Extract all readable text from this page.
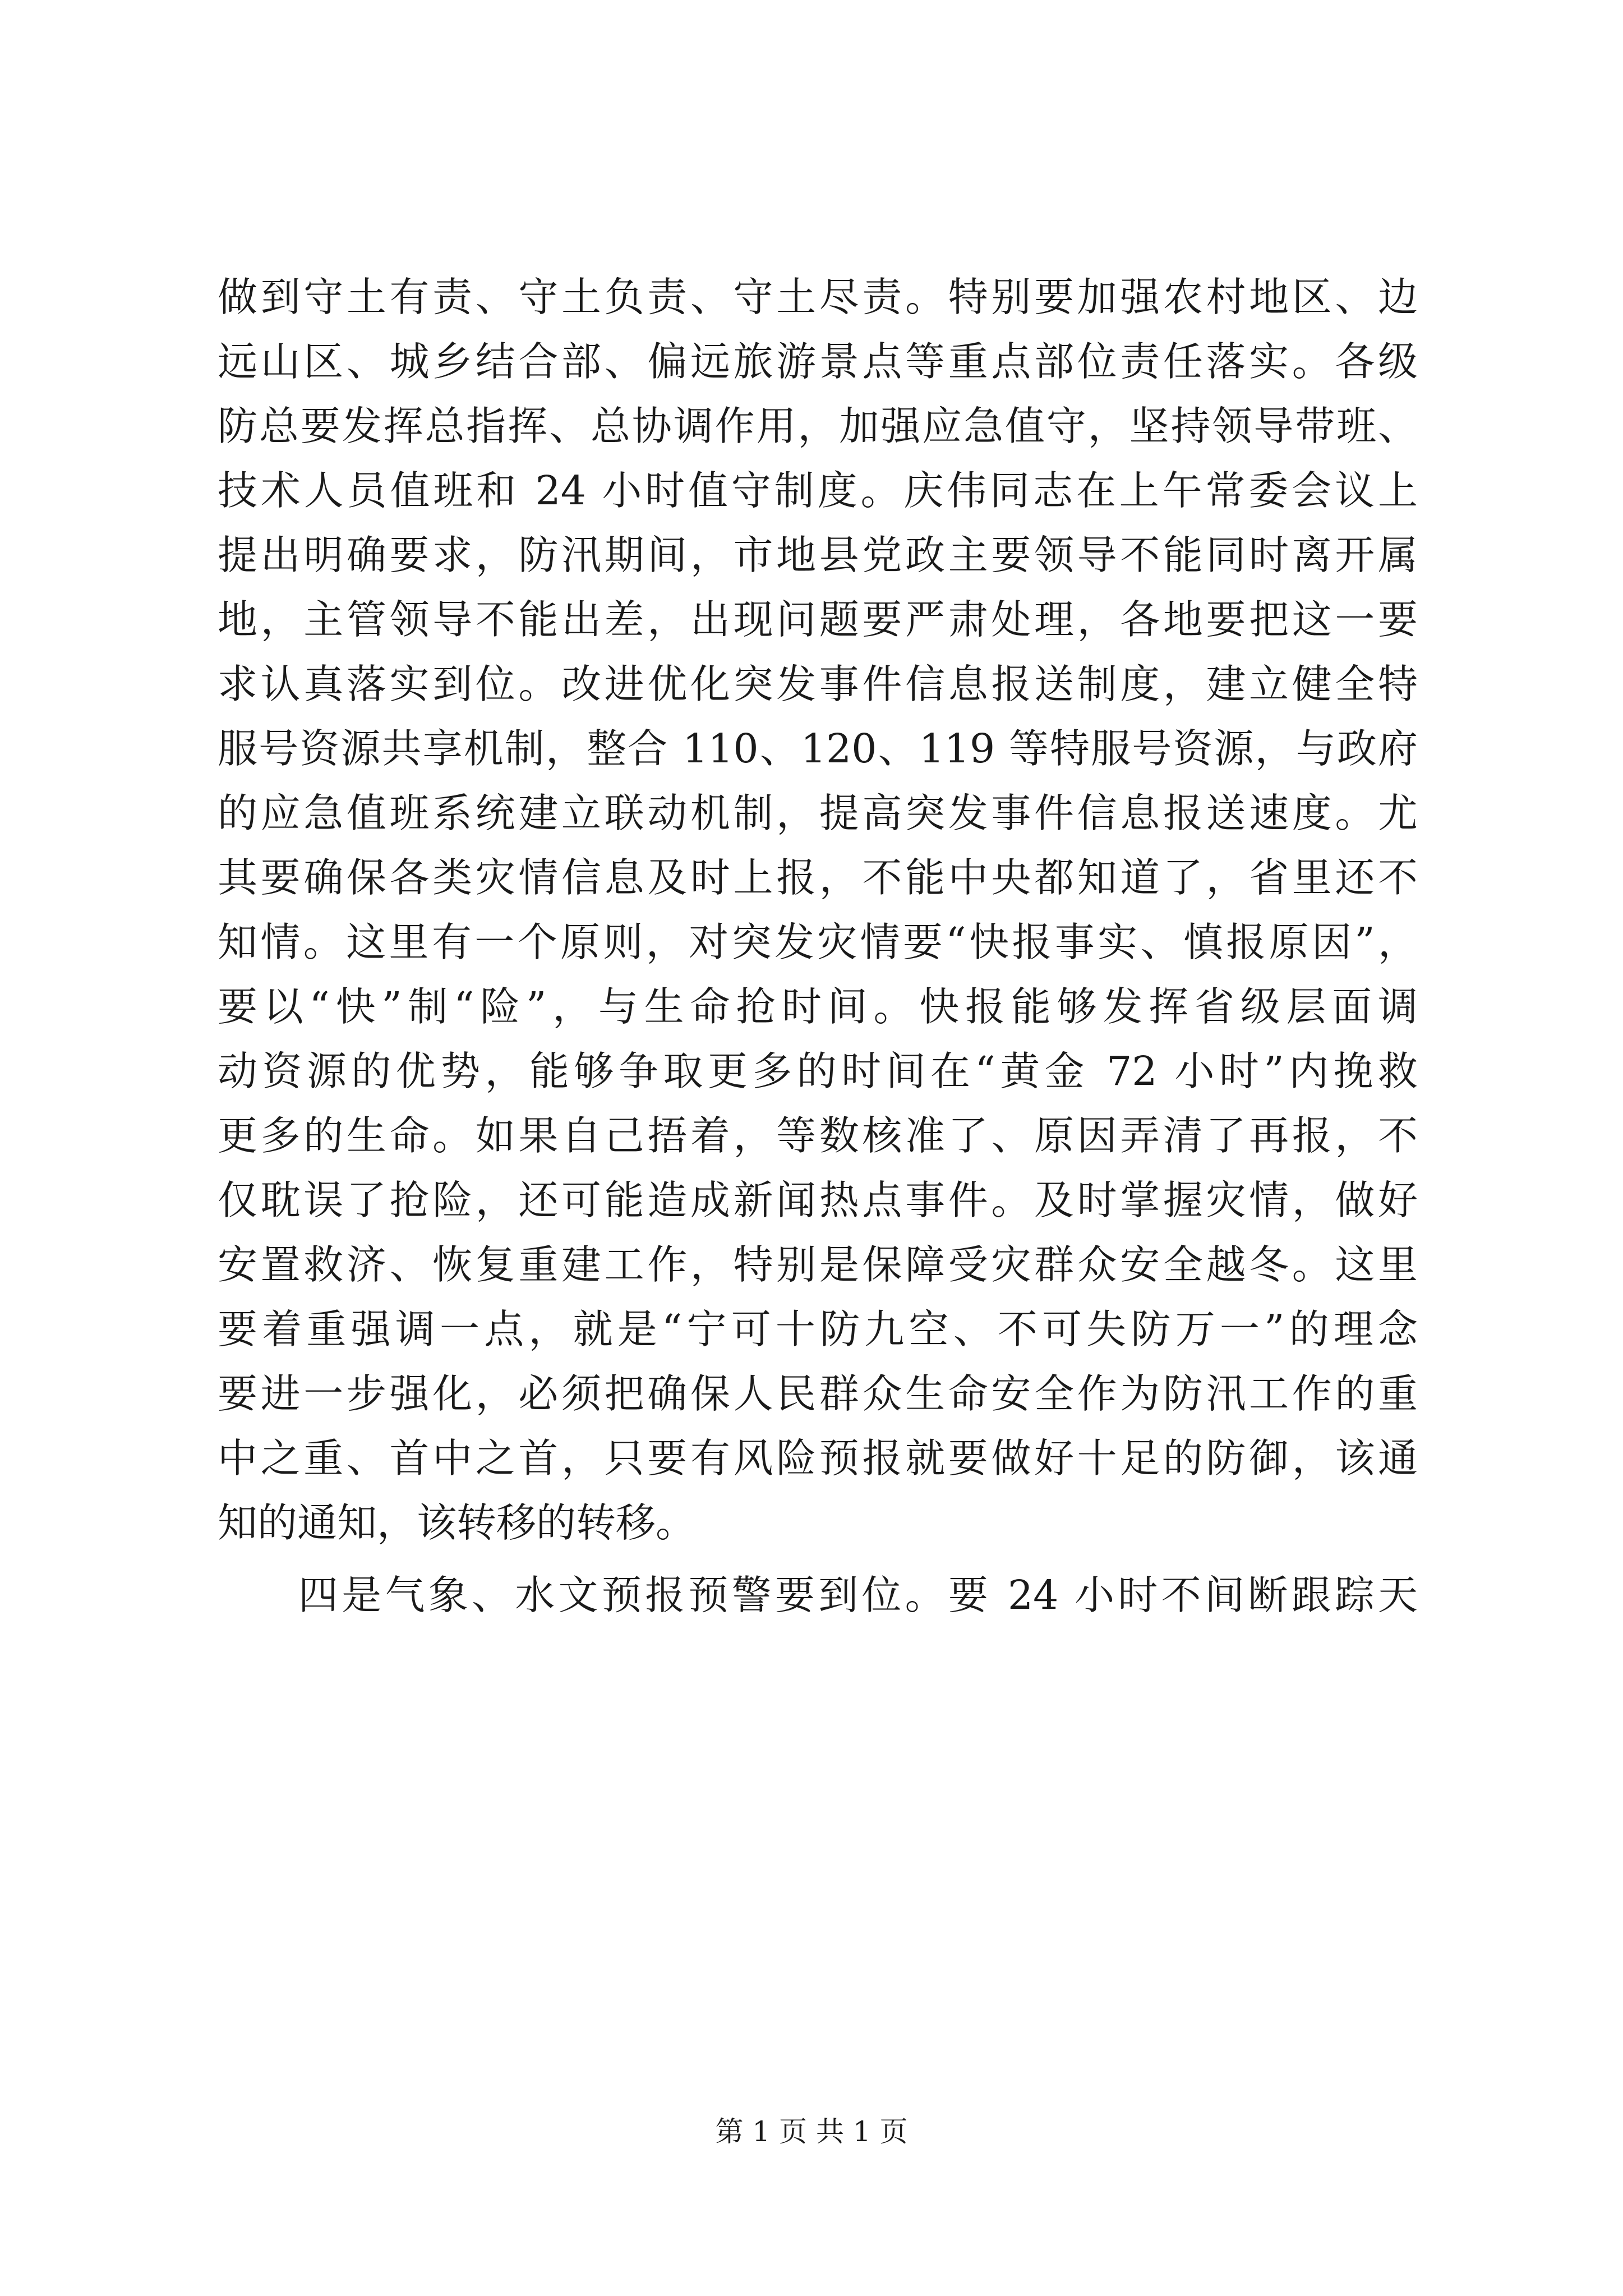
做到守土有责、守土负责、守土尽责。特别要加强农村地区、边
远山区、城乡结合部、偏远旅游景点等重点部位责任落实。各级
防总要发挥总指挥、总协调作用，加强应急值守，坚持领导带班、
技术人员值班和 24 小时值守制度。庆伟同志在上午常委会议上
提出明确要求，防汛期间，市地县党政主要领导不能同时离开属
地，主管领导不能出差，出现问题要严肃处理，各地要把这一要
求认真落实到位。改进优化突发事件信息报送制度，建立健全特
服号资源共享机制，整合 110、120、119 等特服号资源，与政府
的应急值班系统建立联动机制，提高突发事件信息报送速度。尤
其要确保各类灾情信息及时上报，不能中央都知道了，省里还不
知情。这里有一个原则，对突发灾情要“快报事实、慎报原因”，
要以“快”制“险”，与生命抢时间。快报能够发挥省级层面调
动资源的优势，能够争取更多的时间在“黄金 72 小时”内挽救
更多的生命。如果自己捂着，等数核准了、原因弄清了再报，不
仅耽误了抢险，还可能造成新闻热点事件。及时掌握灾情，做好
安置救济、恢复重建工作，特别是保障受灾群众安全越冬。这里
要着重强调一点，就是“宁可十防九空、不可失防万一”的理念
要进一步强化，必须把确保人民群众生命安全作为防汛工作的重
中之重、首中之首，只要有风险预报就要做好十足的防御，该通
知的通知，该转移的转移。
四是气象、水文预报预警要到位。要 24 小时不间断跟踪天
第 1 页 共 1 页
